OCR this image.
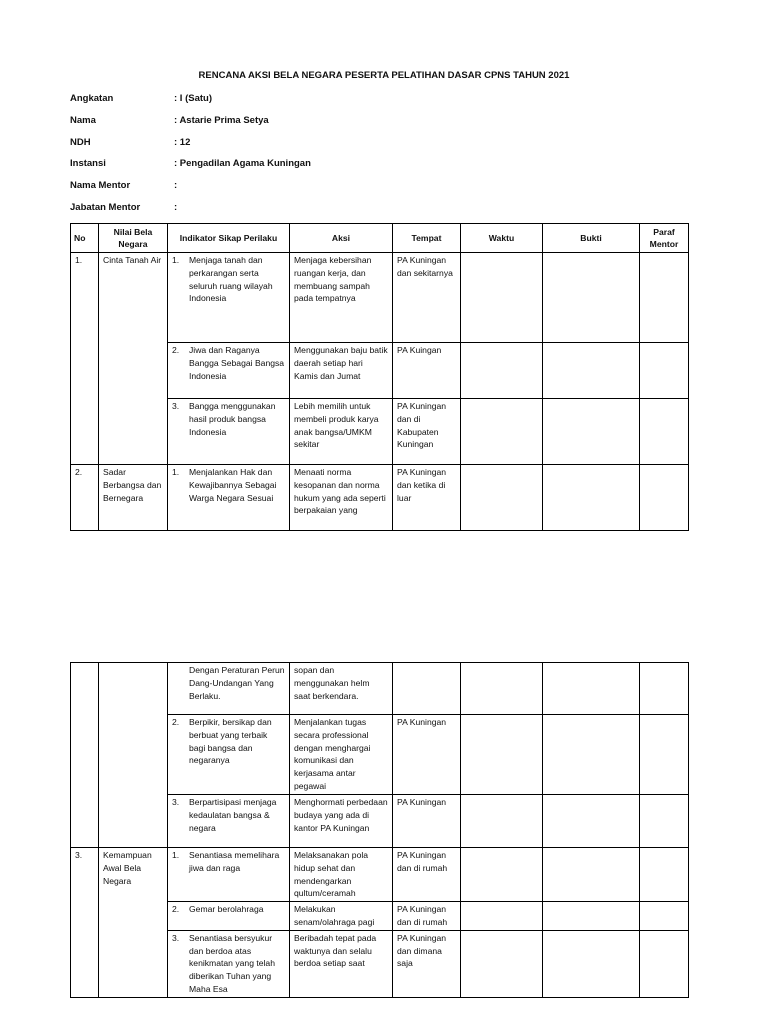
RENCANA AKSI BELA NEGARA PESERTA PELATIHAN DASAR CPNS TAHUN 2021
Angkatan	: I (Satu)
Nama	: Astarie Prima Setya
NDH	: 12
Instansi	: Pengadilan Agama Kuningan
Nama Mentor	:
Jabatan Mentor	:
No	Nilai Bela Negara	Indikator Sikap Perilaku	Aksi	Tempat	Waktu	Bukti	Paraf Mentor
1.	Cinta Tanah Air	1. Menjaga tanah dan perkarangan serta seluruh ruang wilayah Indonesia	Menjaga kebersihan ruangan kerja, dan membuang sampah pada tempatnya	PA Kuningan dan sekitarnya			

		2. Jiwa dan Raganya Bangga Sebagai Bangsa Indonesia	Menggunakan baju batik daerah setiap hari Kamis dan Jumat	PA Kuingan			

		3. Bangga menggunakan hasil produk bangsa Indonesia	Lebih memilih untuk membeli produk karya anak bangsa/UMKM sekitar	PA Kuningan dan di Kabupaten Kuningan			
2.	Sadar Berbangsa dan Bernegara	1. Menjalankan Hak dan Kewajibannya Sebagai Warga Negara Sesuai	Menaati norma kesopanan dan norma hukum yang ada seperti berpakaian yang	PA Kuningan dan ketika di luar			

		Dengan Peraturan Perun Dang-Undangan Yang Berlaku.	sopan dan menggunakan helm saat berkendara.				

		2. Berpikir, bersikap dan berbuat yang terbaik bagi bangsa dan negaranya	Menjalankan tugas secara professional dengan menghargai komunikasi dan kerjasama antar pegawai	PA Kuningan			

		3. Berpartisipasi menjaga kedaulatan bangsa & negara	Menghormati perbedaan budaya yang ada di kantor PA Kuningan	PA Kuningan			
3.	Kemampuan Awal Bela Negara	1. Senantiasa memelihara jiwa dan raga	Melaksanakan pola hidup sehat dan mendengarkan qultum/ceramah	PA Kuningan dan di rumah			

		2. Gemar berolahraga	Melakukan senam/olahraga pagi	PA Kuningan dan di rumah			

		3. Senantiasa bersyukur dan berdoa atas kenikmatan yang telah diberikan Tuhan yang Maha Esa	Beribadah tepat pada waktunya dan selalu berdoa setiap saat	PA Kuningan dan dimana saja			
